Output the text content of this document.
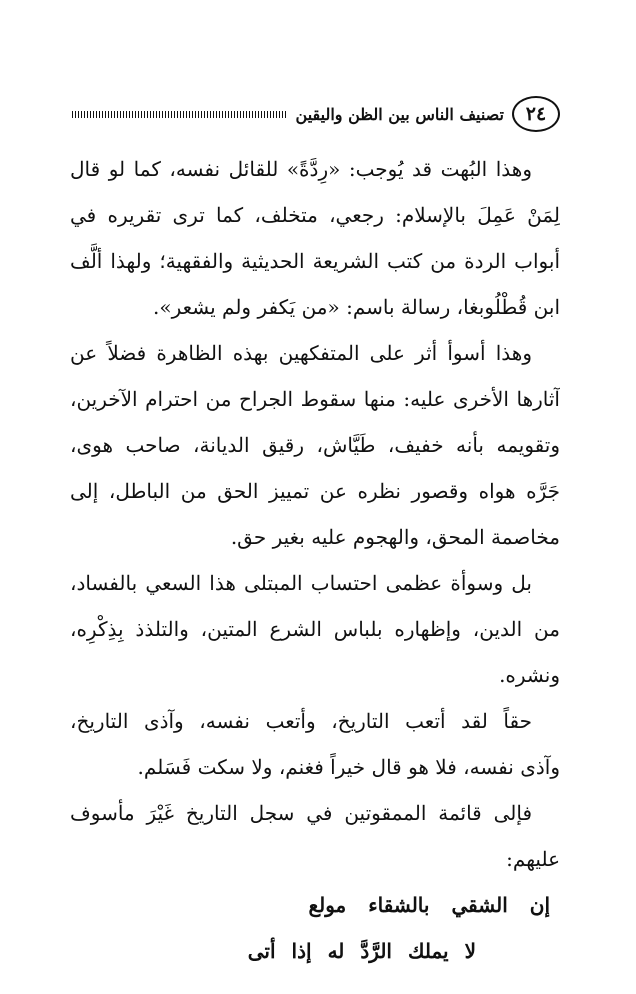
٢٤
تصنيف الناس بين الظن واليقين
وهذا البُهت قد يُوجب: «رِدَّةً» للقائل نفسه، كما لو قال
لِمَنْ عَمِلَ بالإسلام: رجعي، متخلف، كما ترى تقريره في
أبواب الردة من كتب الشريعة الحديثية والفقهية؛ ولهذا ألَّف
ابن قُطْلُوبغا، رسالة باسم: «من يَكفر ولم يشعر».
وهذا أسوأ أثر على المتفكهين بهذه الظاهرة فضلاً عن
آثارها الأخرى عليه: منها سقوط الجراح من احترام الآخرين،
وتقويمه بأنه خفيف، طَيَّاش، رقيق الديانة، صاحب هوى،
جَرَّه هواه وقصور نظره عن تمييز الحق من الباطل، إلى
مخاصمة المحق، والهجوم عليه بغير حق.
بل وسوأة عظمى احتساب المبتلى هذا السعي بالفساد،
من الدين، وإظهاره بلباس الشرع المتين، والتلذذ بِذِكْرِه،
ونشره.
حقاً لقد أتعب التاريخ، وأتعب نفسه، وآذى التاريخ،
وآذى نفسه، فلا هو قال خيراً فغنم، ولا سكت فَسَلم.
فإلى قائمة الممقوتين في سجل التاريخ غَيْرَ مأسوف
عليهم:
إن
الشقي
بالشقاء
مولع
لا
يملك
الرَّدَّ
له
إذا
أتى
